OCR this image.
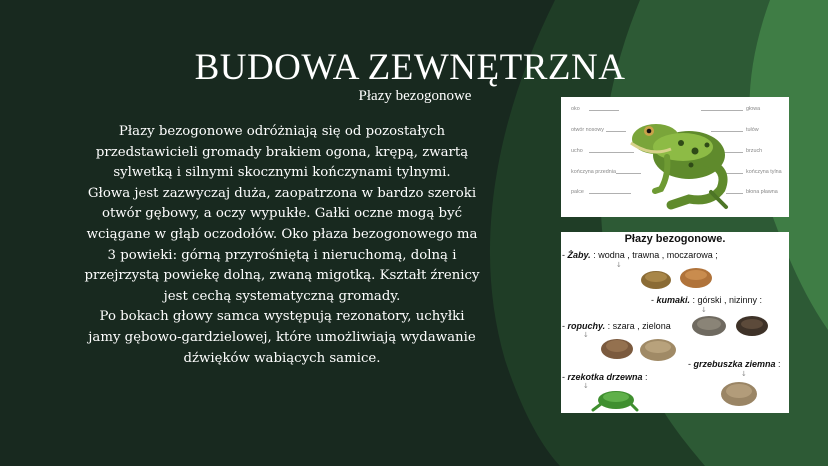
BUDOWA ZEWNĘTRZNA
Płazy bezogonowe
Płazy bezogonowe odróżniają się od pozostałych
przedstawicieli gromady brakiem ogona, krępą, zwartą
sylwetką i silnymi skocznymi kończynami tylnymi.
Głowa jest zazwyczaj duża, zaopatrzona w bardzo szeroki
otwór gębowy, a oczy wypukłe. Gałki oczne mogą być
wciągane w głąb oczodołów. Oko płaza bezogonowego ma
3 powieki: górną przyrośniętą i nieruchomą, dolną i
przejrzystą powiekę dolną, zwaną migotką. Kształt źrenicy
jest cechą systematyczną gromady.
Po bokach głowy samca występują rezonatory, uchyłki
jamy gębowo-gardzielowej, które umożliwiają wydawanie
dźwięków wabiących samice.
oko
otwór nosowy
ucho
kończyna przednia
palce
głowa
tułów
brzuch
kończyna tylna
błona pławna
Płazy bezogonowe.
- Żaby. : wodna , trawna , moczarowa ;
↓
- kumaki. : górski , nizinny :
↓
- ropuchy. : szara , zielona
↓
- grzebuszka ziemna :
↓
- rzekotka drzewna :
↓
